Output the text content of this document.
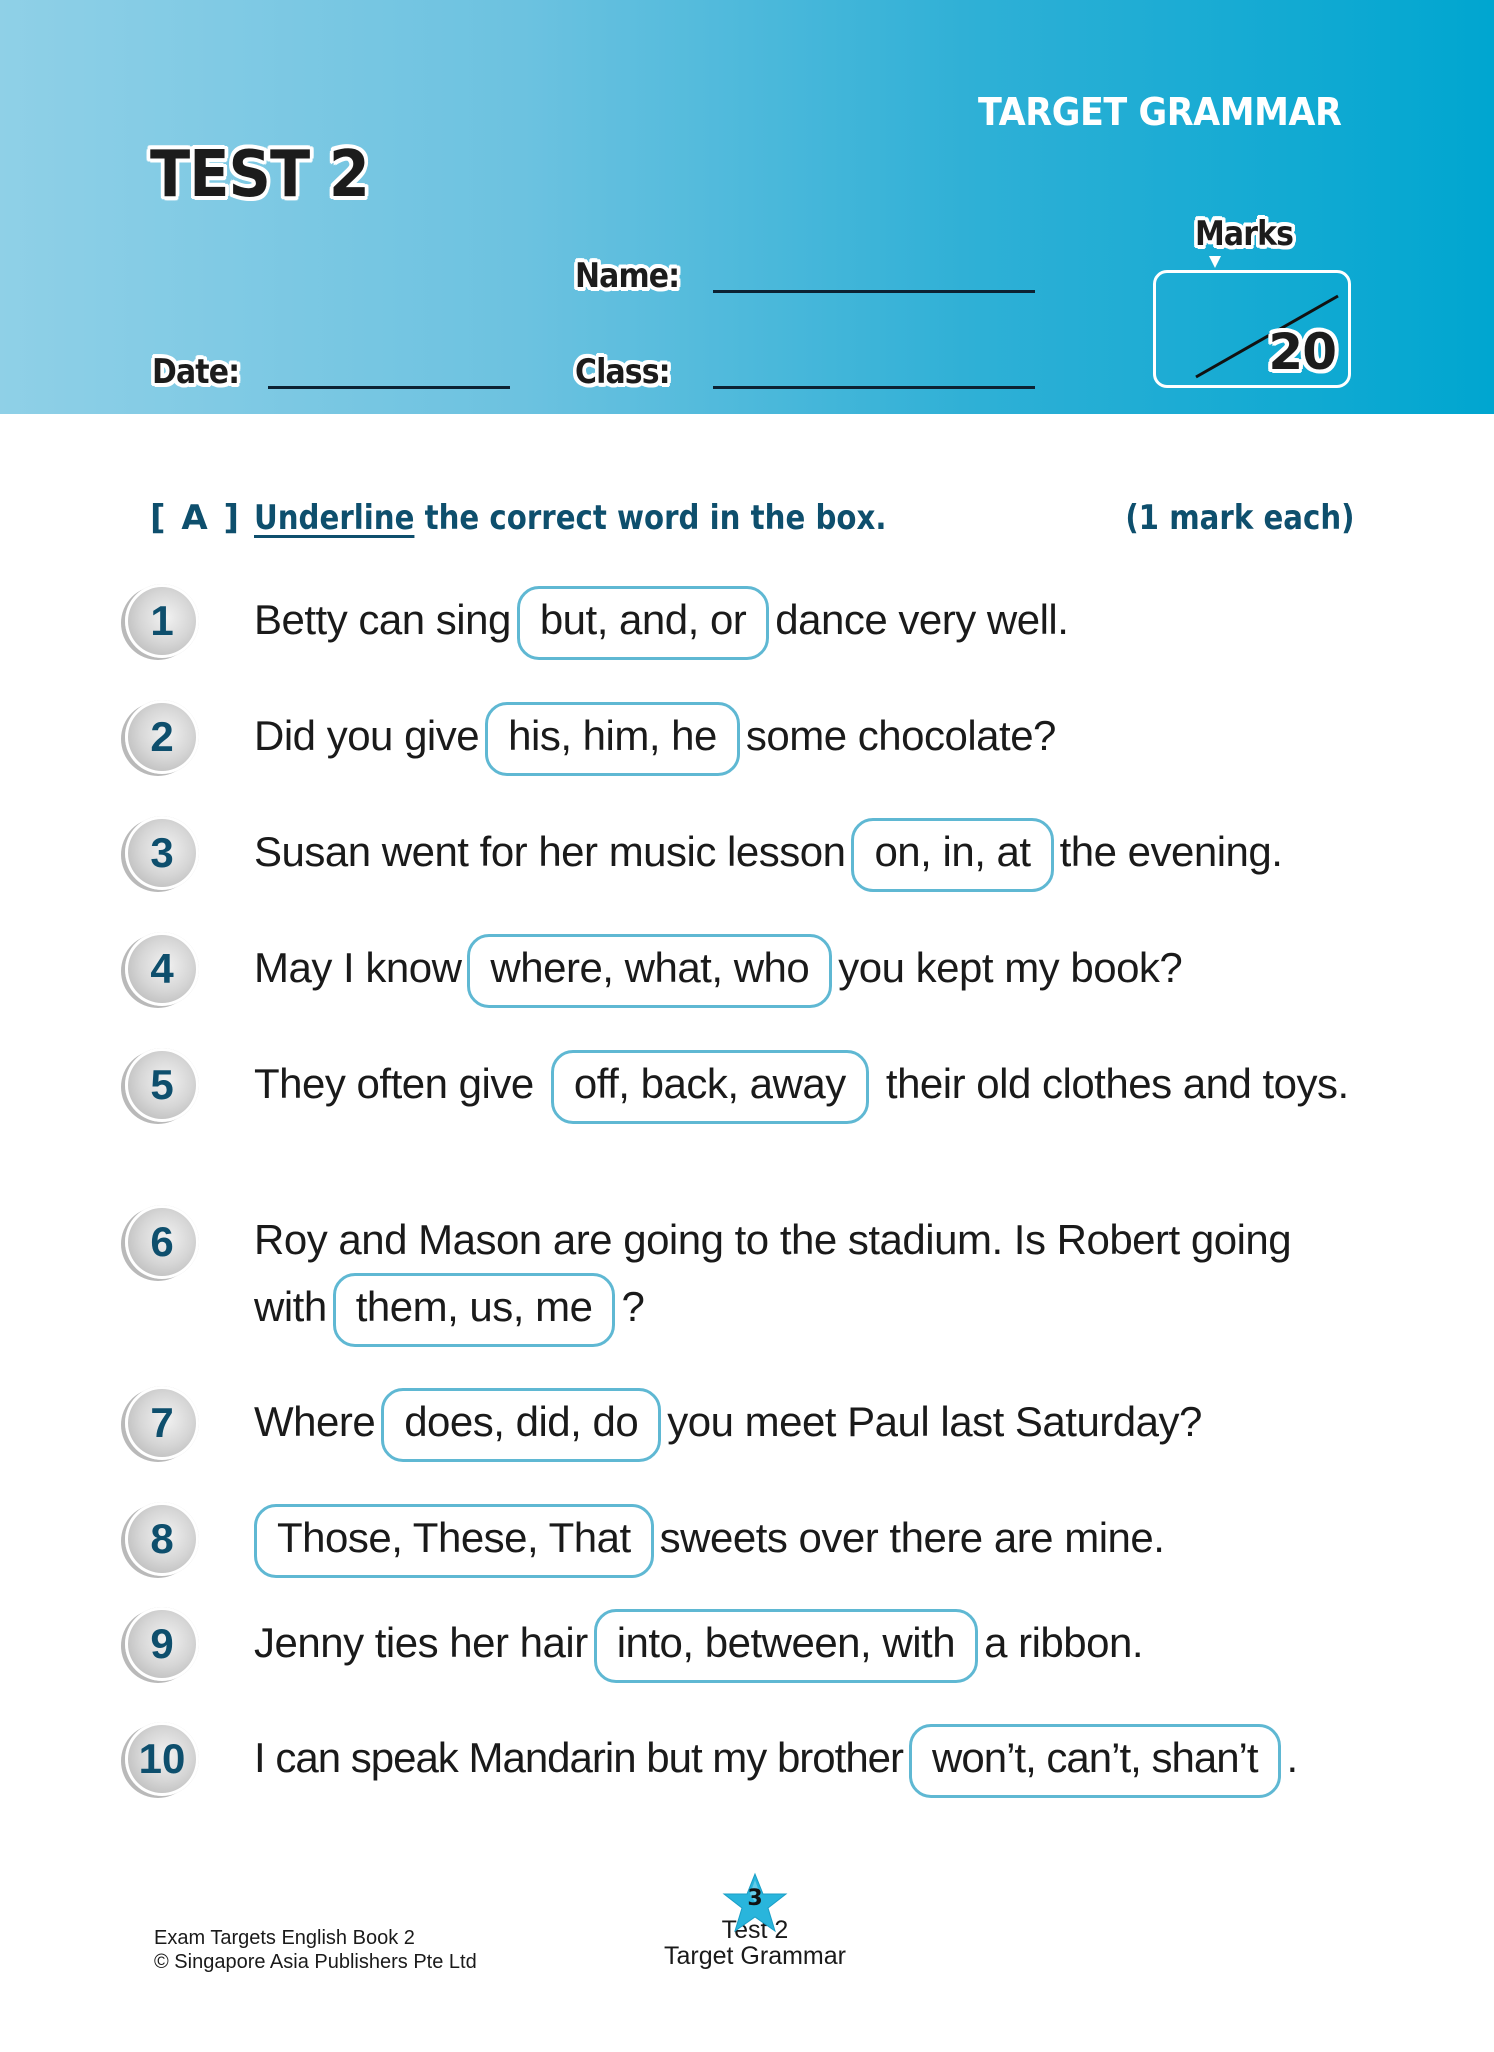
TARGET GRAMMAR
TEST 2
Name:
Date:	Class:
Marks
20
[ A ] Underline the correct word in the box.	(1 mark each)
1	Betty can sing but, and, or dance very well.
2	Did you give his, him, he some chocolate?
3	Susan went for her music lesson on, in, at the evening.
4	May I know where, what, who you kept my book?
5	They often give off, back, away their old clothes and toys.
6	Roy and Mason are going to the stadium. Is Robert going with them, us, me ?
7	Where does, did, do you meet Paul last Saturday?
8	Those, These, That sweets over there are mine.
9	Jenny ties her hair into, between, with a ribbon.
10	I can speak Mandarin but my brother won’t, can’t, shan’t .
Exam Targets English Book 2
© Singapore Asia Publishers Pte Ltd
3
Test 2
Target Grammar
